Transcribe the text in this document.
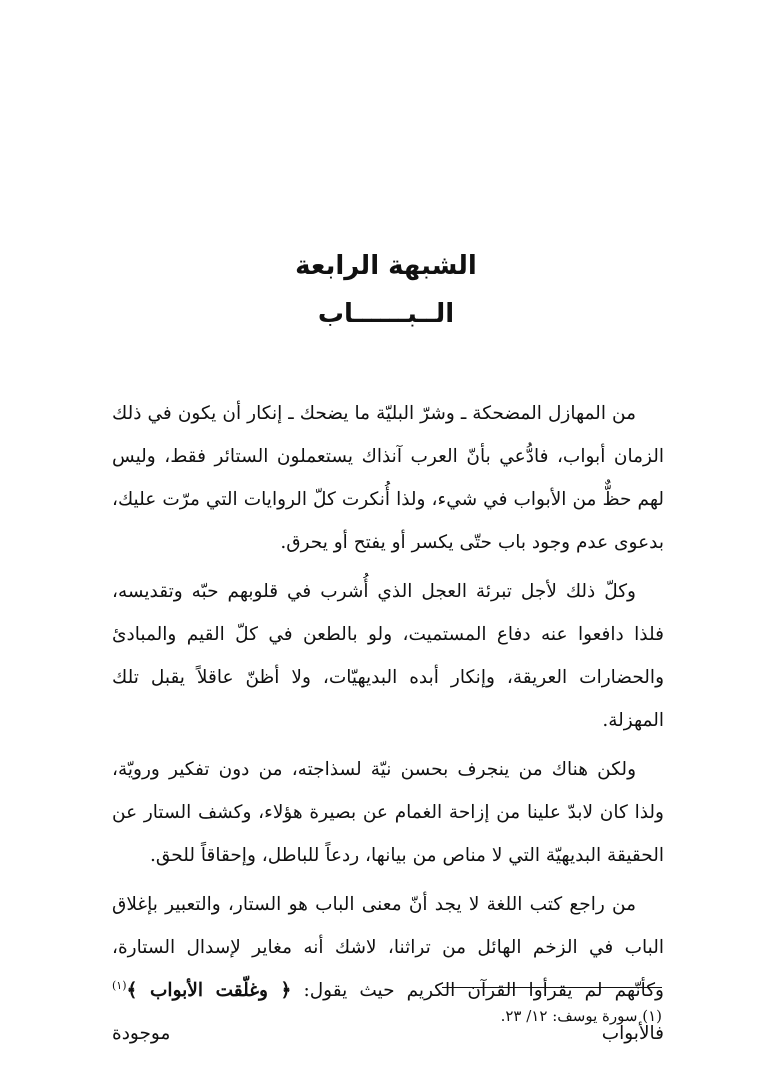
الشبهة الرابعة
الــبــــــاب

من المهازل المضحكة ـ وشرّ البليّة ما يضحك ـ إنكار أن يكون في ذلك الزمان أبواب، فادُّعي بأنّ العرب آنذاك يستعملون الستائر فقط، وليس لهم حظٌّ من الأبواب في شيء، ولذا أُنكرت كلّ الروايات التي مرّت عليك، بدعوى عدم وجود باب حتّى يكسر أو يفتح أو يحرق.

وكلّ ذلك لأجل تبرئة العجل الذي أُشرب في قلوبهم حبّه وتقديسه، فلذا دافعوا عنه دفاع المستميت، ولو بالطعن في كلّ القيم والمبادئ والحضارات العريقة، وإنكار أبده البديهيّات، ولا أظنّ عاقلاً يقبل تلك المهزلة.

ولكن هناك من ينجرف بحسن نيّة لسذاجته، من دون تفكير ورويّة، ولذا كان لابدّ علينا من إزاحة الغمام عن بصيرة هؤلاء، وكشف الستار عن الحقيقة البديهيّة التي لا مناص من بيانها، ردعاً للباطل، وإحقاقاً للحق.

من راجع كتب اللغة لا يجد أنّ معنى الباب هو الستار، والتعبير بإغلاق الباب في الزخم الهائل من تراثنا، لاشك أنه مغاير لإسدال الستارة، وكأنّهم لم يقرأوا القرآن الكريم حيث يقول: ﴿ وغلّقت الأبواب ﴾$^{(١)}$ فالأبواب موجودة

(١) سورة يوسف: ١٢/ ٢٣.
